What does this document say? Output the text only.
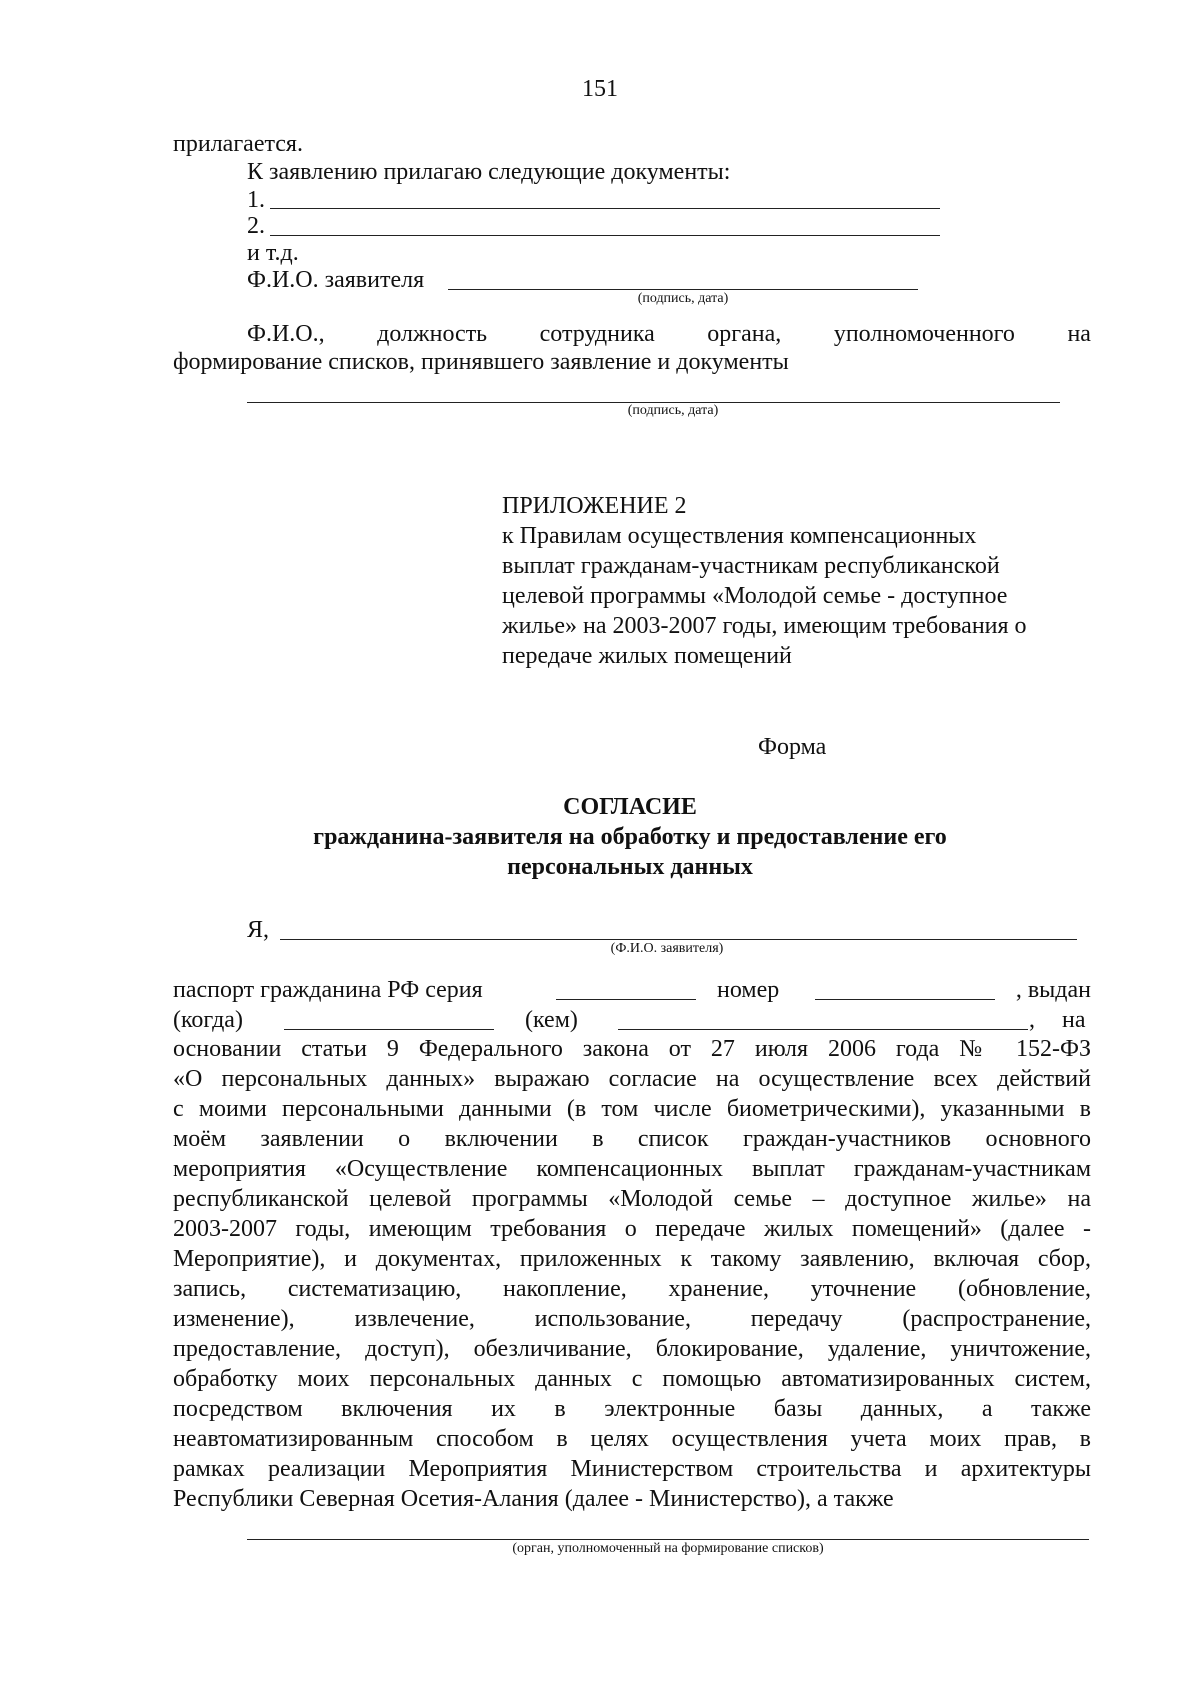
151
прилагается.
К заявлению прилагаю следующие документы:
1.
2.
и т.д.
Ф.И.О. заявителя
(подпись, дата)
Ф.И.О., должность сотрудника органа, уполномоченного на
формирование списков, принявшего заявление и документы
(подпись, дата)
ПРИЛОЖЕНИЕ 2
к Правилам осуществления компенсационных
выплат гражданам-участникам республиканской
целевой программы «Молодой семье - доступное
жилье» на 2003-2007 годы, имеющим требования о
передаче жилых помещений
Форма
СОГЛАСИЕ
гражданина-заявителя на обработку и предоставление его
персональных данных
Я,
(Ф.И.О. заявителя)
паспорт гражданина РФ серия	номер	, выдан
(когда)	(кем)	, на
основании статьи 9 Федерального закона от 27 июля 2006 года № 152-ФЗ
«О персональных данных» выражаю согласие на осуществление всех действий
с моими персональными данными (в том числе биометрическими), указанными в
моём заявлении о включении в список граждан-участников основного
мероприятия «Осуществление компенсационных выплат гражданам-участникам
республиканской целевой программы «Молодой семье – доступное жилье» на
2003-2007 годы, имеющим требования о передаче жилых помещений» (далее -
Мероприятие), и документах, приложенных к такому заявлению, включая сбор,
запись, систематизацию, накопление, хранение, уточнение (обновление,
изменение), извлечение, использование, передачу (распространение,
предоставление, доступ), обезличивание, блокирование, удаление, уничтожение,
обработку моих персональных данных с помощью автоматизированных систем,
посредством включения их в электронные базы данных, а также
неавтоматизированным способом в целях осуществления учета моих прав, в
рамках реализации Мероприятия Министерством строительства и архитектуры
Республики Северная Осетия-Алания (далее - Министерство), а также
(орган, уполномоченный на формирование списков)
